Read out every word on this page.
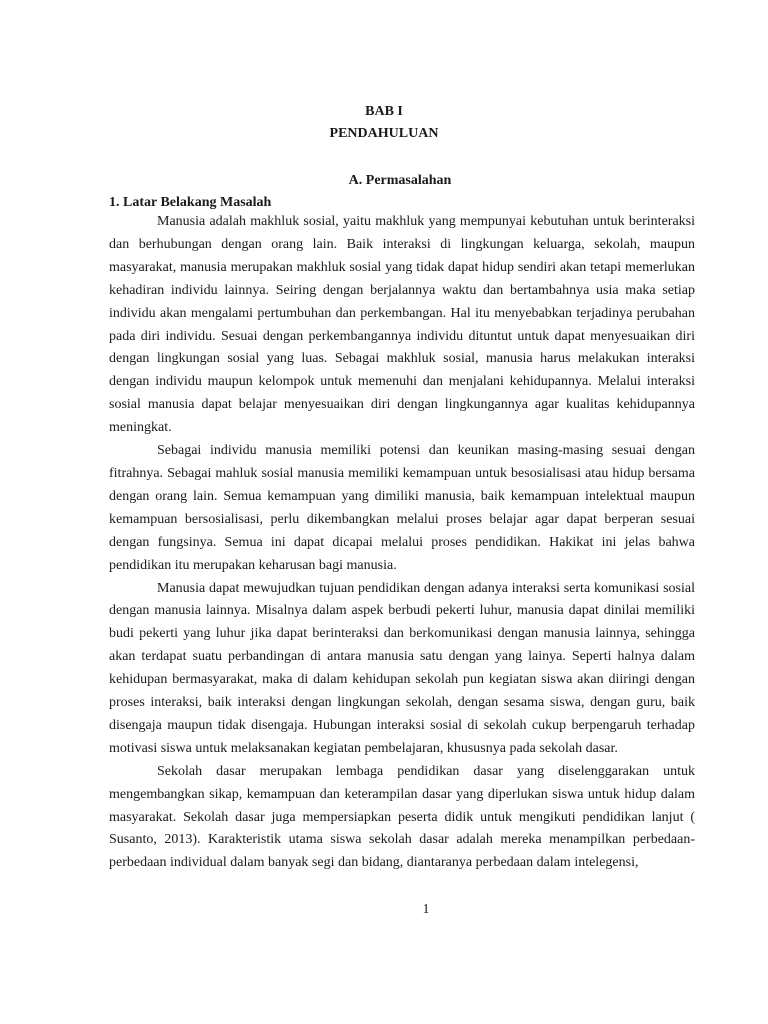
BAB I
PENDAHULUAN
A. Permasalahan
1. Latar Belakang Masalah

Manusia adalah makhluk sosial, yaitu makhluk yang mempunyai kebutuhan untuk berinteraksi dan berhubungan dengan orang lain. Baik interaksi di lingkungan keluarga, sekolah, maupun masyarakat, manusia merupakan makhluk sosial yang tidak dapat hidup sendiri akan tetapi memerlukan kehadiran individu lainnya. Seiring dengan berjalannya waktu dan bertambahnya usia maka setiap individu akan mengalami pertumbuhan dan perkembangan. Hal itu menyebabkan terjadinya perubahan pada diri individu. Sesuai dengan perkembangannya individu dituntut untuk dapat menyesuaikan diri dengan lingkungan sosial yang luas. Sebagai makhluk sosial, manusia harus melakukan interaksi dengan individu maupun kelompok untuk memenuhi dan menjalani kehidupannya. Melalui interaksi sosial manusia dapat belajar menyesuaikan diri dengan lingkungannya agar kualitas kehidupannya meningkat.

Sebagai individu manusia memiliki potensi dan keunikan masing-masing sesuai dengan fitrahnya. Sebagai mahluk sosial manusia memiliki kemampuan untuk besosialisasi atau hidup bersama dengan orang lain. Semua kemampuan yang dimiliki manusia, baik kemampuan intelektual maupun kemampuan bersosialisasi, perlu dikembangkan melalui proses belajar agar dapat berperan sesuai dengan fungsinya. Semua ini dapat dicapai melalui proses pendidikan. Hakikat ini jelas bahwa pendidikan itu merupakan keharusan bagi manusia.

Manusia dapat mewujudkan tujuan pendidikan dengan adanya interaksi serta komunikasi sosial dengan manusia lainnya. Misalnya dalam aspek berbudi pekerti luhur, manusia dapat dinilai memiliki budi pekerti yang luhur jika dapat berinteraksi dan berkomunikasi dengan manusia lainnya, sehingga akan terdapat suatu perbandingan di antara manusia satu dengan yang lainya. Seperti halnya dalam kehidupan bermasyarakat, maka di dalam kehidupan sekolah pun kegiatan siswa akan diiringi dengan proses interaksi, baik interaksi dengan lingkungan sekolah, dengan sesama siswa, dengan guru, baik disengaja maupun tidak disengaja. Hubungan interaksi sosial di sekolah cukup berpengaruh terhadap motivasi siswa untuk melaksanakan kegiatan pembelajaran, khususnya pada sekolah dasar.

Sekolah dasar merupakan lembaga pendidikan dasar yang diselenggarakan untuk mengembangkan sikap, kemampuan dan keterampilan dasar yang diperlukan siswa untuk hidup dalam masyarakat. Sekolah dasar juga mempersiapkan peserta didik untuk mengikuti pendidikan lanjut ( Susanto, 2013). Karakteristik utama siswa sekolah dasar adalah mereka menampilkan perbedaan-perbedaan individual dalam banyak segi dan bidang, diantaranya perbedaan dalam intelegensi,

1
